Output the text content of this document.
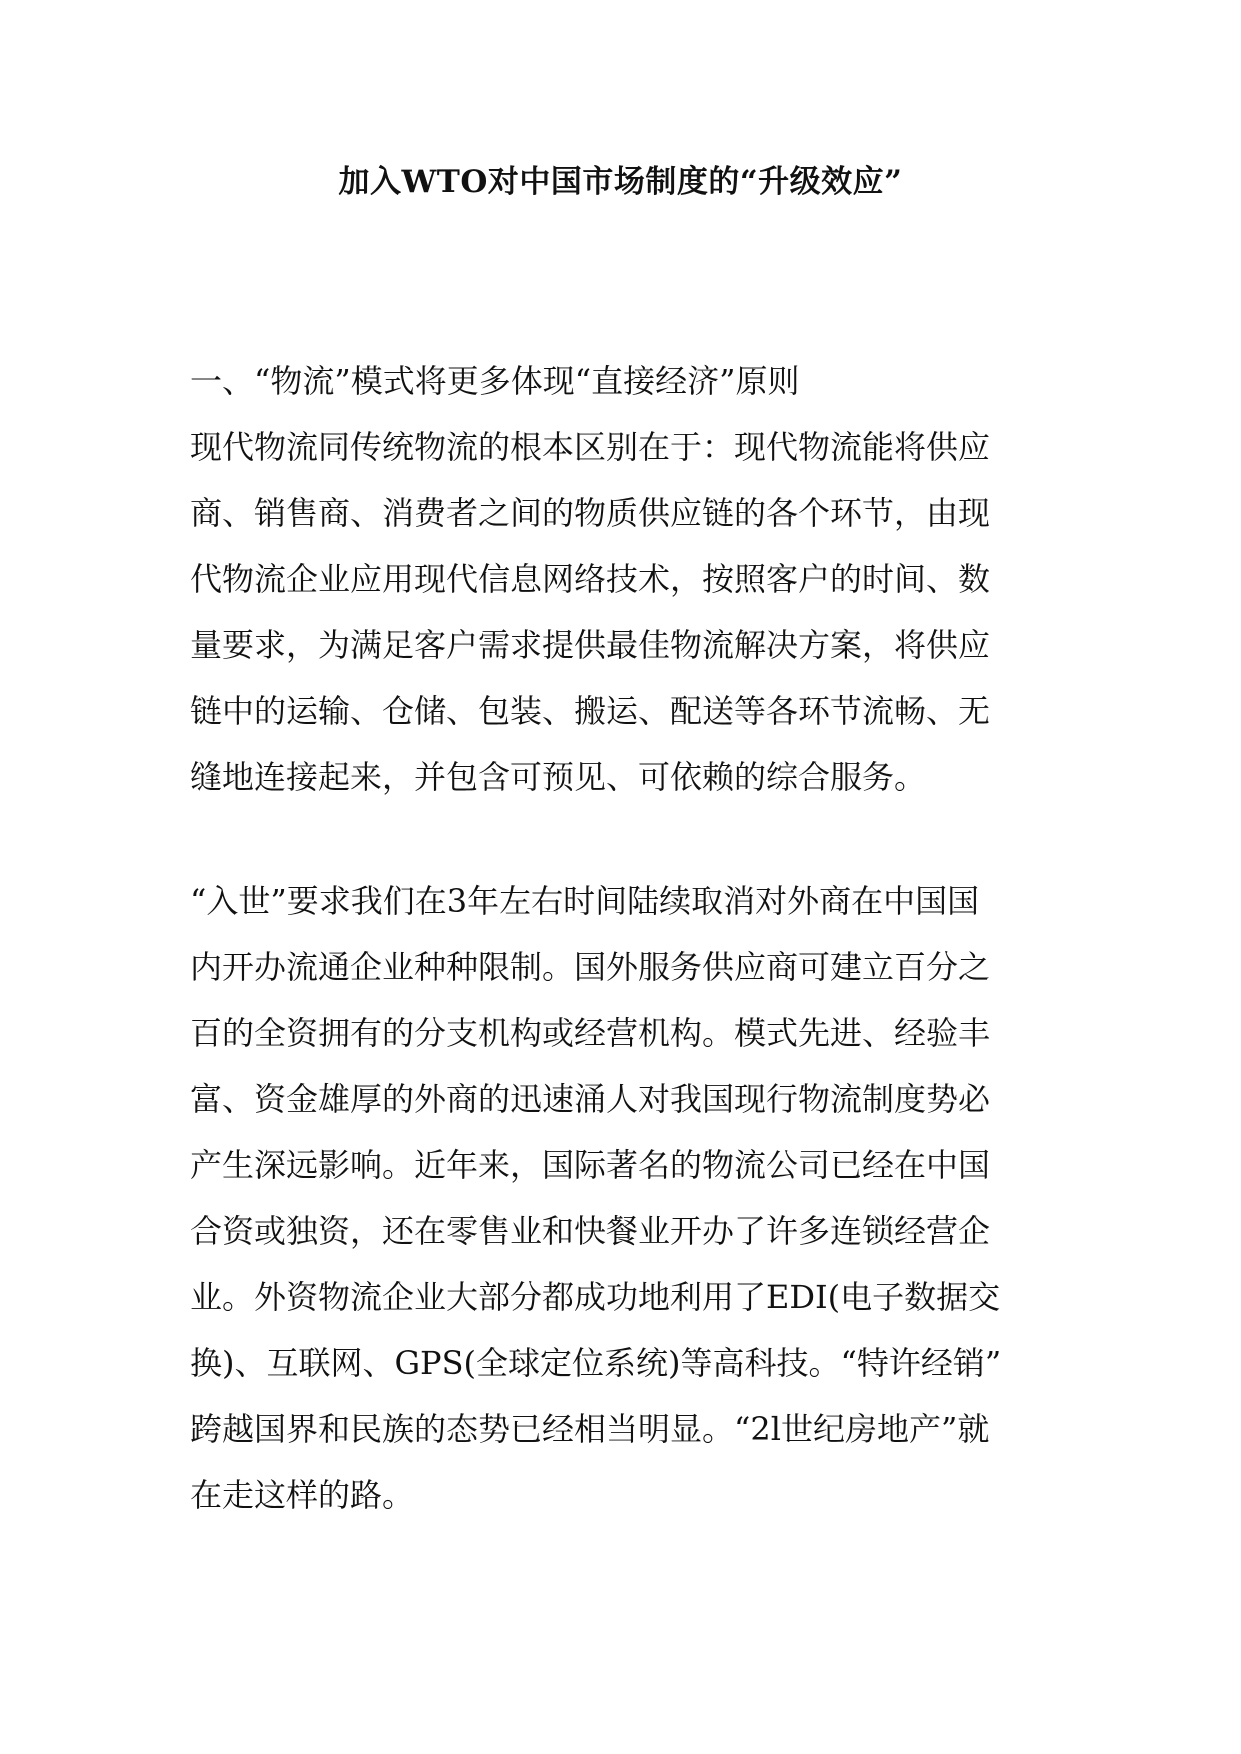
加入WTO对中国市场制度的“升级效应”

一、“物流”模式将更多体现“直接经济”原则

现代物流同传统物流的根本区别在于：现代物流能将供应
商、销售商、消费者之间的物质供应链的各个环节，由现
代物流企业应用现代信息网络技术，按照客户的时间、数
量要求，为满足客户需求提供最佳物流解决方案，将供应
链中的运输、仓储、包装、搬运、配送等各环节流畅、无
缝地连接起来，并包含可预见、可依赖的综合服务。

“入世”要求我们在3年左右时间陆续取消对外商在中国国
内开办流通企业种种限制。国外服务供应商可建立百分之
百的全资拥有的分支机构或经营机构。模式先进、经验丰
富、资金雄厚的外商的迅速涌人对我国现行物流制度势必
产生深远影响。近年来，国际著名的物流公司已经在中国
合资或独资，还在零售业和快餐业开办了许多连锁经营企
业。外资物流企业大部分都成功地利用了EDI(电子数据交
换)、互联网、GPS(全球定位系统)等高科技。“特许经销”
跨越国界和民族的态势已经相当明显。“2l世纪房地产”就
在走这样的路。
